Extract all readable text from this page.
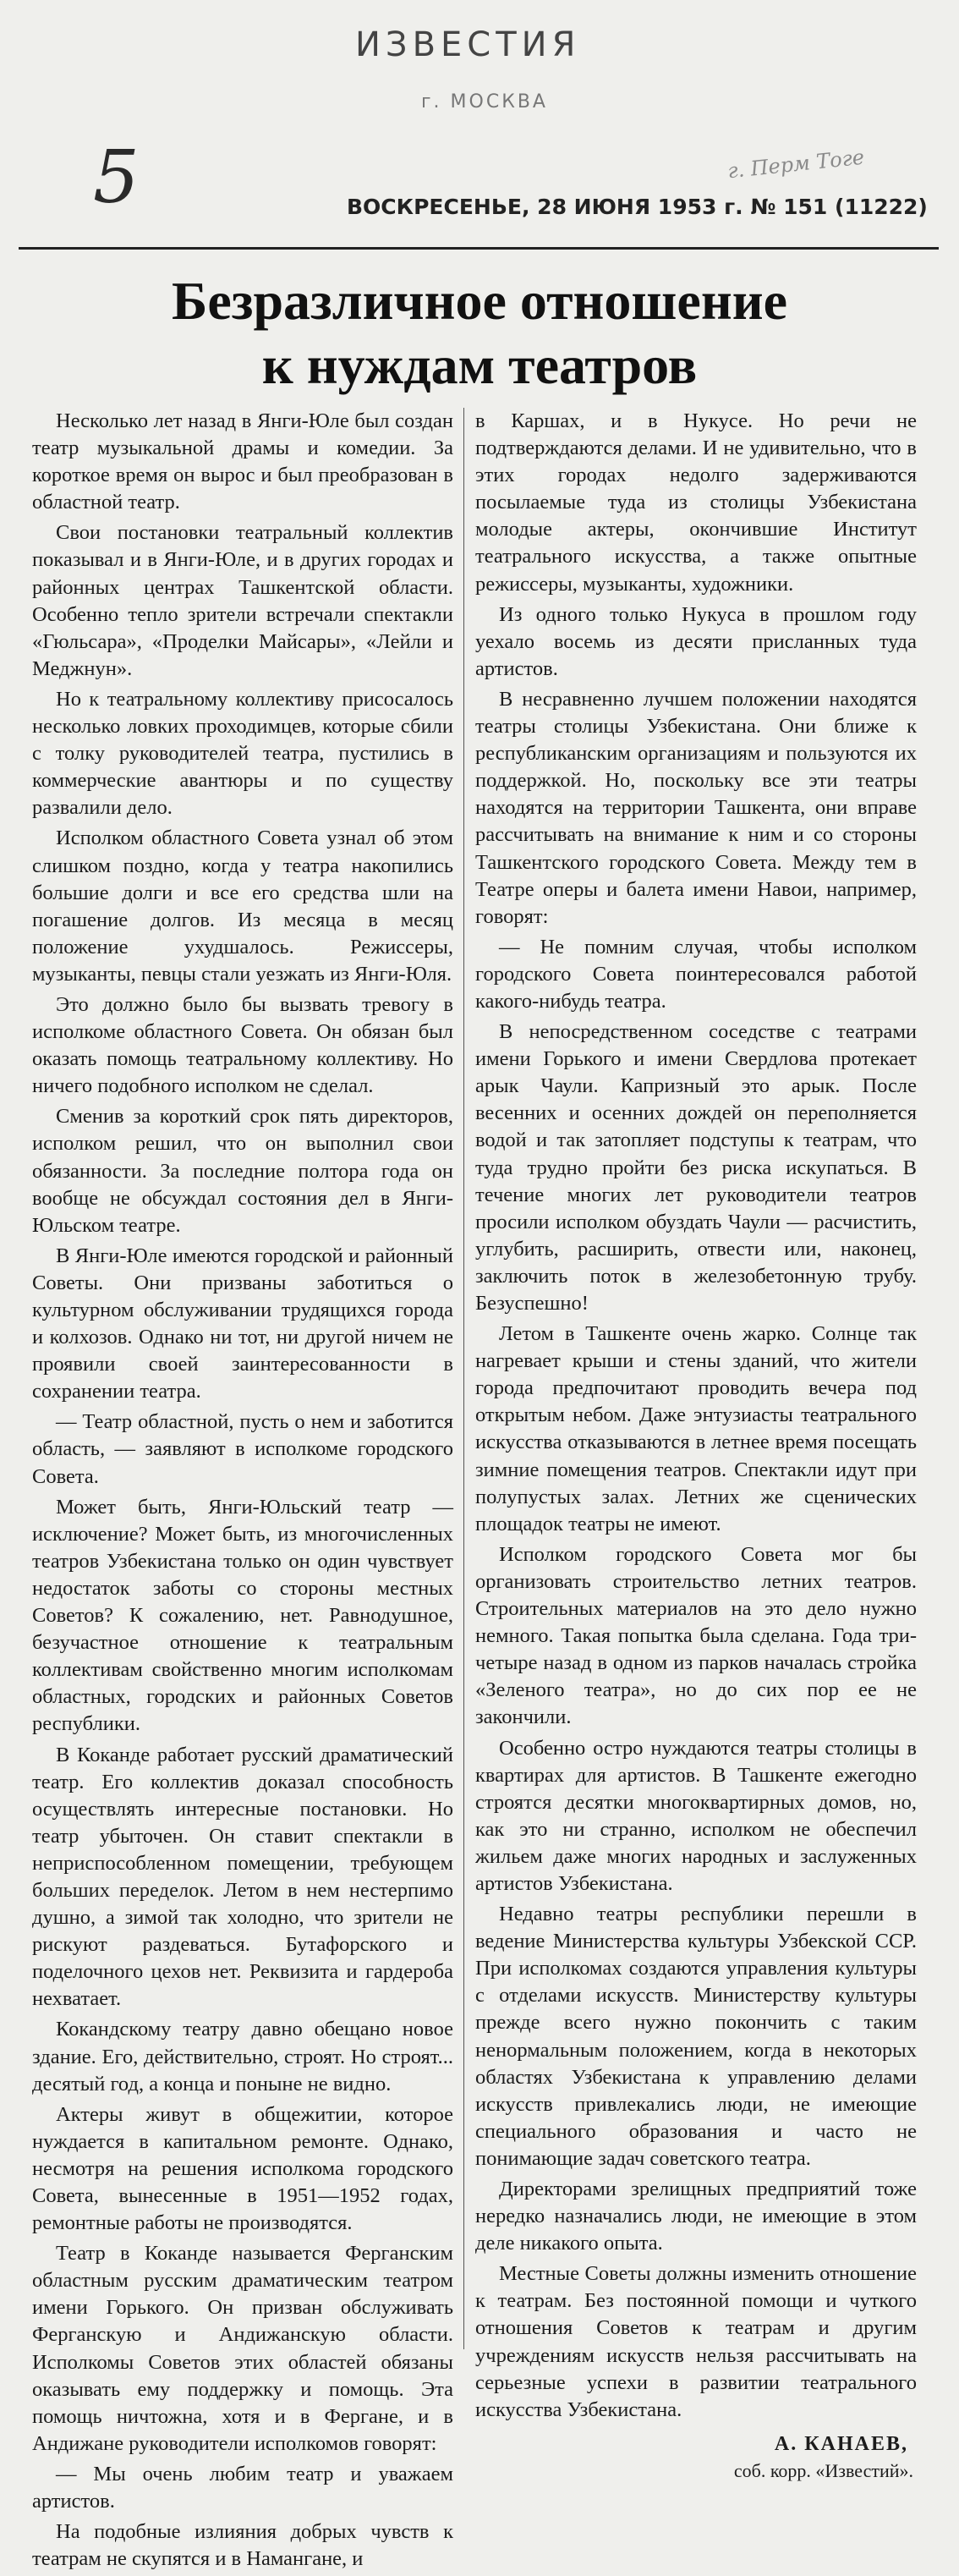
ИЗВЕСТИЯ
г. МОСКВА
5	г. Перм Тоге
ВОСКРЕСЕНЬЕ, 28 ИЮНЯ 1953 г. № 151 (11222)
Безразличное отношение
к нуждам театров

Несколько лет назад в Янги-Юле был создан театр музыкальной драмы и комедии. За короткое время он вырос и был преобразован в областной театр.

Свои постановки театральный коллектив показывал и в Янги-Юле, и в других городах и районных центрах Ташкентской области. Особенно тепло зрители встречали спектакли «Гюльсара», «Проделки Майсары», «Лейли и Меджнун».

Но к театральному коллективу присосалось несколько ловких проходимцев, которые сбили с толку руководителей театра, пустились в коммерческие авантюры и по существу развалили дело.

Исполком областного Совета узнал об этом слишком поздно, когда у театра накопились большие долги и все его средства шли на погашение долгов. Из месяца в месяц положение ухудшалось. Режиссеры, музыканты, певцы стали уезжать из Янги-Юля.

Это должно было бы вызвать тревогу в исполкоме областного Совета. Он обязан был оказать помощь театральному коллективу. Но ничего подобного исполком не сделал.

Сменив за короткий срок пять директоров, исполком решил, что он выполнил свои обязанности. За последние полтора года он вообще не обсуждал состояния дел в Янги-Юльском театре.

В Янги-Юле имеются городской и районный Советы. Они призваны заботиться о культурном обслуживании трудящихся города и колхозов. Однако ни тот, ни другой ничем не проявили своей заинтересованности в сохранении театра.

— Театр областной, пусть о нем и заботится область, — заявляют в исполкоме городского Совета.

Может быть, Янги-Юльский театр — исключение? Может быть, из многочисленных театров Узбекистана только он один чувствует недостаток заботы со стороны местных Советов? К сожалению, нет. Равнодушное, безучастное отношение к театральным коллективам свойственно многим исполкомам областных, городских и районных Советов республики.

В Коканде работает русский драматический театр. Его коллектив доказал способность осуществлять интересные постановки. Но театр убыточен. Он ставит спектакли в неприспособленном помещении, требующем больших переделок. Летом в нем нестерпимо душно, а зимой так холодно, что зрители не рискуют раздеваться. Бутафорского и поделочного цехов нет. Реквизита и гардероба нехватает.

Кокандскому театру давно обещано новое здание. Его, действительно, строят. Но строят... десятый год, а конца и поныне не видно.

Актеры живут в общежитии, которое нуждается в капитальном ремонте. Однако, несмотря на решения исполкома городского Совета, вынесенные в 1951—1952 годах, ремонтные работы не производятся.

Театр в Коканде называется Ферганским областным русским драматическим театром имени Горького. Он призван обслуживать Ферганскую и Андижанскую области. Исполкомы Советов этих областей обязаны оказывать ему поддержку и помощь. Эта помощь ничтожна, хотя и в Фергане, и в Андижане руководители исполкомов говорят:

— Мы очень любим театр и уважаем артистов.

На подобные излияния добрых чувств к театрам не скупятся и в Намангане, и

в Каршах, и в Нукусе. Но речи не подтверждаются делами. И не удивительно, что в этих городах недолго задерживаются посылаемые туда из столицы Узбекистана молодые актеры, окончившие Институт театрального искусства, а также опытные режиссеры, музыканты, художники.

Из одного только Нукуса в прошлом году уехало восемь из десяти присланных туда артистов.

В несравненно лучшем положении находятся театры столицы Узбекистана. Они ближе к республиканским организациям и пользуются их поддержкой. Но, поскольку все эти театры находятся на территории Ташкента, они вправе рассчитывать на внимание к ним и со стороны Ташкентского городского Совета. Между тем в Театре оперы и балета имени Навои, например, говорят:

— Не помним случая, чтобы исполком городского Совета поинтересовался работой какого-нибудь театра.

В непосредственном соседстве с театрами имени Горького и имени Свердлова протекает арык Чаули. Капризный это арык. После весенних и осенних дождей он переполняется водой и так затопляет подступы к театрам, что туда трудно пройти без риска искупаться. В течение многих лет руководители театров просили исполком обуздать Чаули — расчистить, углубить, расширить, отвести или, наконец, заключить поток в железобетонную трубу. Безуспешно!

Летом в Ташкенте очень жарко. Солнце так нагревает крыши и стены зданий, что жители города предпочитают проводить вечера под открытым небом. Даже энтузиасты театрального искусства отказываются в летнее время посещать зимние помещения театров. Спектакли идут при полупустых залах. Летних же сценических площадок театры не имеют.

Исполком городского Совета мог бы организовать строительство летних театров. Строительных материалов на это дело нужно немного. Такая попытка была сделана. Года три-четыре назад в одном из парков началась стройка «Зеленого театра», но до сих пор ее не закончили.

Особенно остро нуждаются театры столицы в квартирах для артистов. В Ташкенте ежегодно строятся десятки многоквартирных домов, но, как это ни странно, исполком не обеспечил жильем даже многих народных и заслуженных артистов Узбекистана.

Недавно театры республики перешли в ведение Министерства культуры Узбекской ССР. При исполкомах создаются управления культуры с отделами искусств. Министерству культуры прежде всего нужно покончить с таким ненормальным положением, когда в некоторых областях Узбекистана к управлению делами искусств привлекались люди, не имеющие специального образования и часто не понимающие задач советского театра.

Директорами зрелищных предприятий тоже нередко назначались люди, не имеющие в этом деле никакого опыта.

Местные Советы должны изменить отношение к театрам. Без постоянной помощи и чуткого отношения Советов к театрам и другим учреждениям искусств нельзя рассчитывать на серьезные успехи в развитии театрального искусства Узбекистана.

А. КАНАЕВ,
соб. корр. «Известий».
